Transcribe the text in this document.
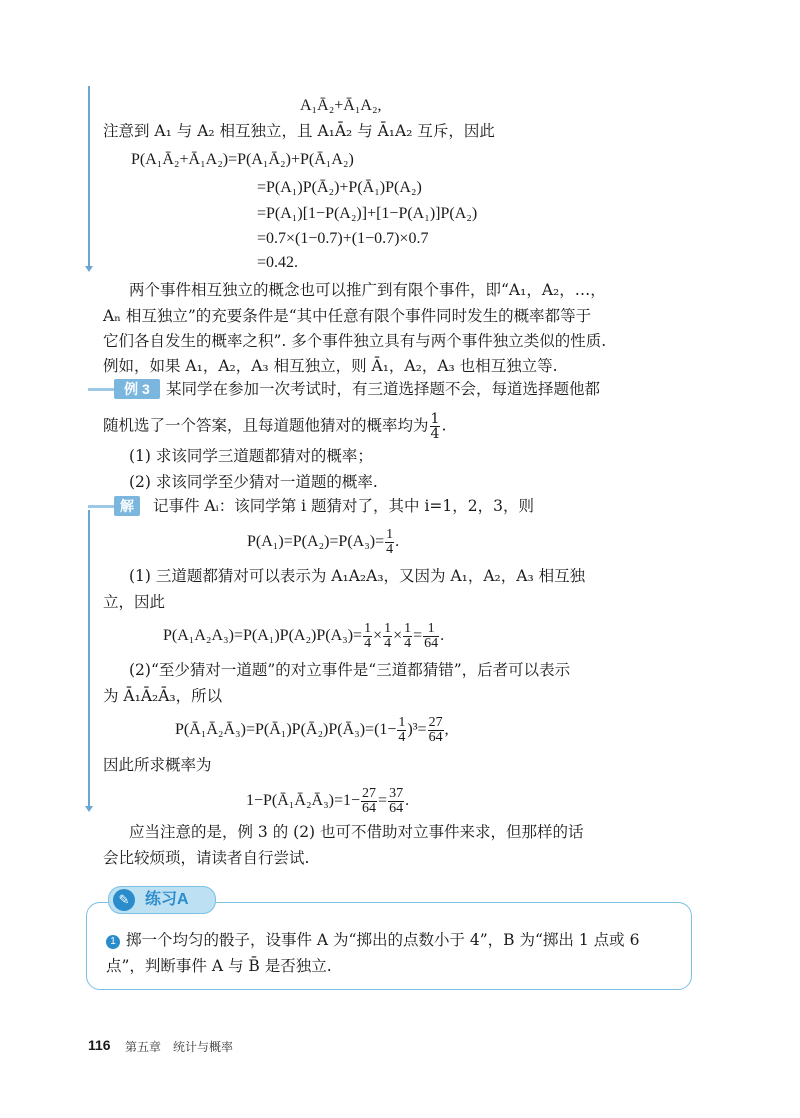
A₁Ā₂+Ā₁A₂,
注意到 A₁ 与 A₂ 相互独立，且 A₁Ā₂ 与 Ā₁A₂ 互斥，因此
P(A₁Ā₂+Ā₁A₂)=P(A₁Ā₂)+P(Ā₁A₂)
=P(A₁)P(Ā₂)+P(Ā₁)P(A₂)
=P(A₁)[1−P(A₂)]+[1−P(A₁)]P(A₂)
=0.7×(1−0.7)+(1−0.7)×0.7
=0.42.
两个事件相互独立的概念也可以推广到有限个事件，即“A₁，A₂，…，
Aₙ 相互独立”的充要条件是“其中任意有限个事件同时发生的概率都等于
它们各自发生的概率之积”. 多个事件独立具有与两个事件独立类似的性质.
例如，如果 A₁，A₂，A₃ 相互独立，则 Ā₁，A₂，A₃ 也相互独立等.
例 3	某同学在参加一次考试时，有三道选择题不会，每道选择题他都
随机选了一个答案，且每道题他猜对的概率均为 $\frac{1}{4}$ .
(1) 求该同学三道题都猜对的概率；
(2) 求该同学至少猜对一道题的概率.
解	记事件 Aᵢ：该同学第 i 题猜对了，其中 i=1，2，3，则
$P(A_1)=P(A_2)=P(A_3)= \frac{1}{4}$ .
(1) 三道题都猜对可以表示为 A₁A₂A₃，又因为 A₁，A₂，A₃ 相互独
立，因此
$P(A_1A_2A_3)=P(A_1)P(A_2)P(A_3)= \frac{1}{4} \times \frac{1}{4} \times \frac{1}{4} = \frac{1}{64}$ .
(2)“至少猜对一道题”的对立事件是“三道都猜错”，后者可以表示
为 Ā₁Ā₂Ā₃，所以
P(Ā₁Ā₂Ā₃)=P(Ā₁)P(Ā₂)P(Ā₃)=(1− $\frac{1}{4} )^3= \frac{27}{64}$ ,
因此所求概率为
1−P(Ā₁Ā₂Ā₃)=1− $\frac{27}{64} = \frac{37}{64}$ .
应当注意的是，例 3 的 (2) 也可不借助对立事件来求，但那样的话
会比较烦琐，请读者自行尝试.
✎ 练习A
1 掷一个均匀的骰子，设事件 A 为“掷出的点数小于 4”，B 为“掷出 1 点或 6
点”，判断事件 A 与 B̄ 是否独立.
116 第五章　统计与概率
